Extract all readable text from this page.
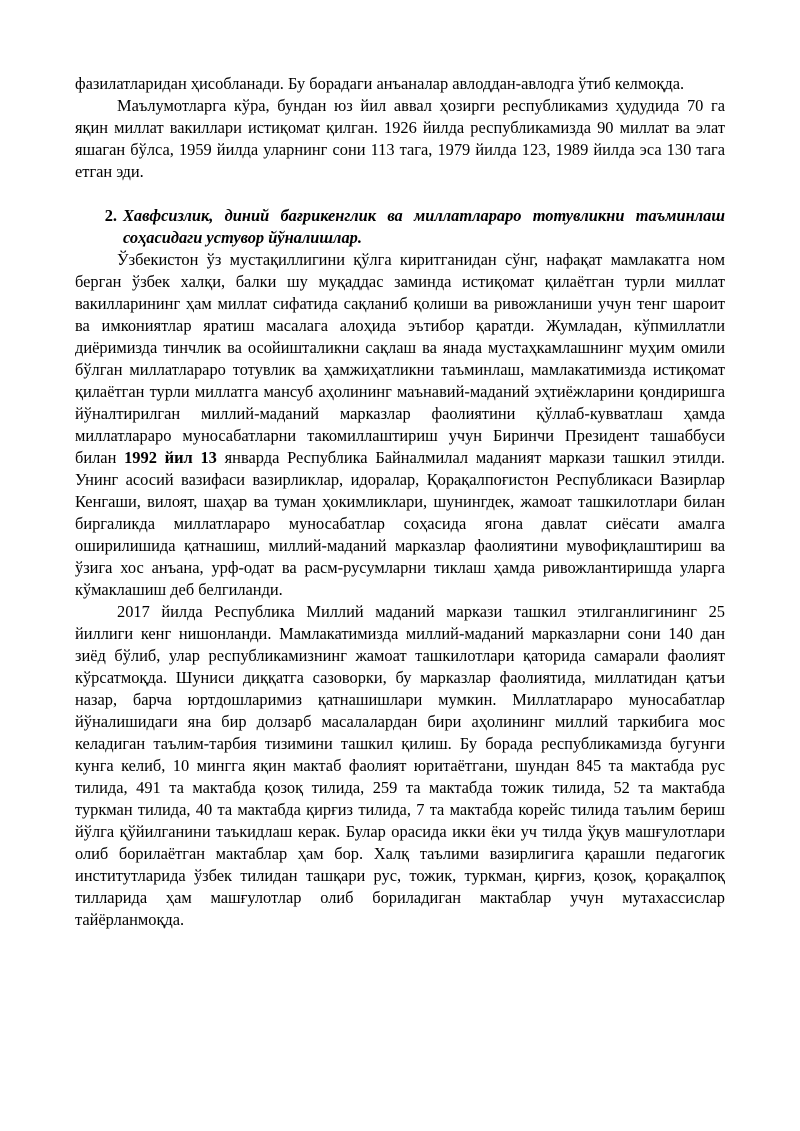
фазилатларидан ҳисобланади. Бу борадаги анъаналар авлоддан-авлодга ўтиб келмоқда.

Маълумотларга кўра, бундан юз йил аввал ҳозирги республикамиз ҳудудида 70 га яқин миллат вакиллари истиқомат қилган. 1926 йилда республикамизда 90 миллат ва элат яшаган бўлса, 1959 йилда уларнинг сони 113 тага, 1979 йилда 123, 1989 йилда эса 130 тага етган эди.

2. Хавфсизлик, диний бағрикенглик ва миллатлараро тотувликни таъминлаш соҳасидаги устувор йўналишлар.

Ўзбекистон ўз мустақиллигини қўлга киритганидан сўнг, нафақат мамлакатга ном берган ўзбек халқи, балки шу муқаддас заминда истиқомат қилаётган турли миллат вакилларининг ҳам миллат сифатида сақланиб қолиши ва ривожланиши учун тенг шароит ва имкониятлар яратиш масалага алоҳида эътибор қаратди. Жумладан, кўпмиллатли диёримизда тинчлик ва осойишталикни сақлаш ва янада мустаҳкамлашнинг муҳим омили бўлган миллатлараро тотувлик ва ҳамжиҳатликни таъминлаш, мамлакатимизда истиқомат қилаётган турли миллатга мансуб аҳолининг маънавий-маданий эҳтиёжларини қондиришга йўналтирилган миллий-маданий марказлар фаолиятини қўллаб-кувватлаш ҳамда миллатлараро муносабатларни такомиллаштириш учун Биринчи Президент ташаббуси билан 1992 йил 13 январда Республика Байналмилал маданият маркази ташкил этилди. Унинг асосий вазифаси вазирликлар, идоралар, Қорақалпоғистон Республикаси Вазирлар Кенгаши, вилоят, шаҳар ва туман ҳокимликлари, шунингдек, жамоат ташкилотлари билан биргаликда миллатлараро муносабатлар соҳасида ягона давлат сиёсати амалга оширилишида қатнашиш, миллий-маданий марказлар фаолиятини мувофиқлаштириш ва ўзига хос анъана, урф-одат ва расм-русумларни тиклаш ҳамда ривожлантиришда уларга кўмаклашиш деб белгиланди.

2017 йилда Республика Миллий маданий маркази ташкил этилганлигининг 25 йиллиги кенг нишонланди. Мамлакатимизда миллий-маданий марказларни сони 140 дан зиёд бўлиб, улар республикамизнинг жамоат ташкилотлари қаторида самарали фаолият кўрсатмоқда. Шуниси диққатга сазоворки, бу марказлар фаолиятида, миллатидан қатъи назар, барча юртдошларимиз қатнашишлари мумкин. Миллатлараро муносабатлар йўналишидаги яна бир долзарб масалалардан бири аҳолининг миллий таркибига мос келадиган таълим-тарбия тизимини ташкил қилиш. Бу борада республикамизда бугунги кунга келиб, 10 мингга яқин мактаб фаолият юритаётгани, шундан 845 та мактабда рус тилида, 491 та мактабда қозоқ тилида, 259 та мактабда тожик тилида, 52 та мактабда туркман тилида, 40 та мактабда қирғиз тилида, 7 та мактабда корейс тилида таълим бериш йўлга қўйилганини таъкидлаш керак. Булар орасида икки ёки уч тилда ўқув машғулотлари олиб борилаётган мактаблар ҳам бор. Халқ таълими вазирлигига қарашли педагогик институтларида ўзбек тилидан ташқари рус, тожик, туркман, қирғиз, қозоқ, қорақалпоқ тилларида ҳам машғулотлар олиб бориладиган мактаблар учун мутахассислар тайёрланмоқда.
